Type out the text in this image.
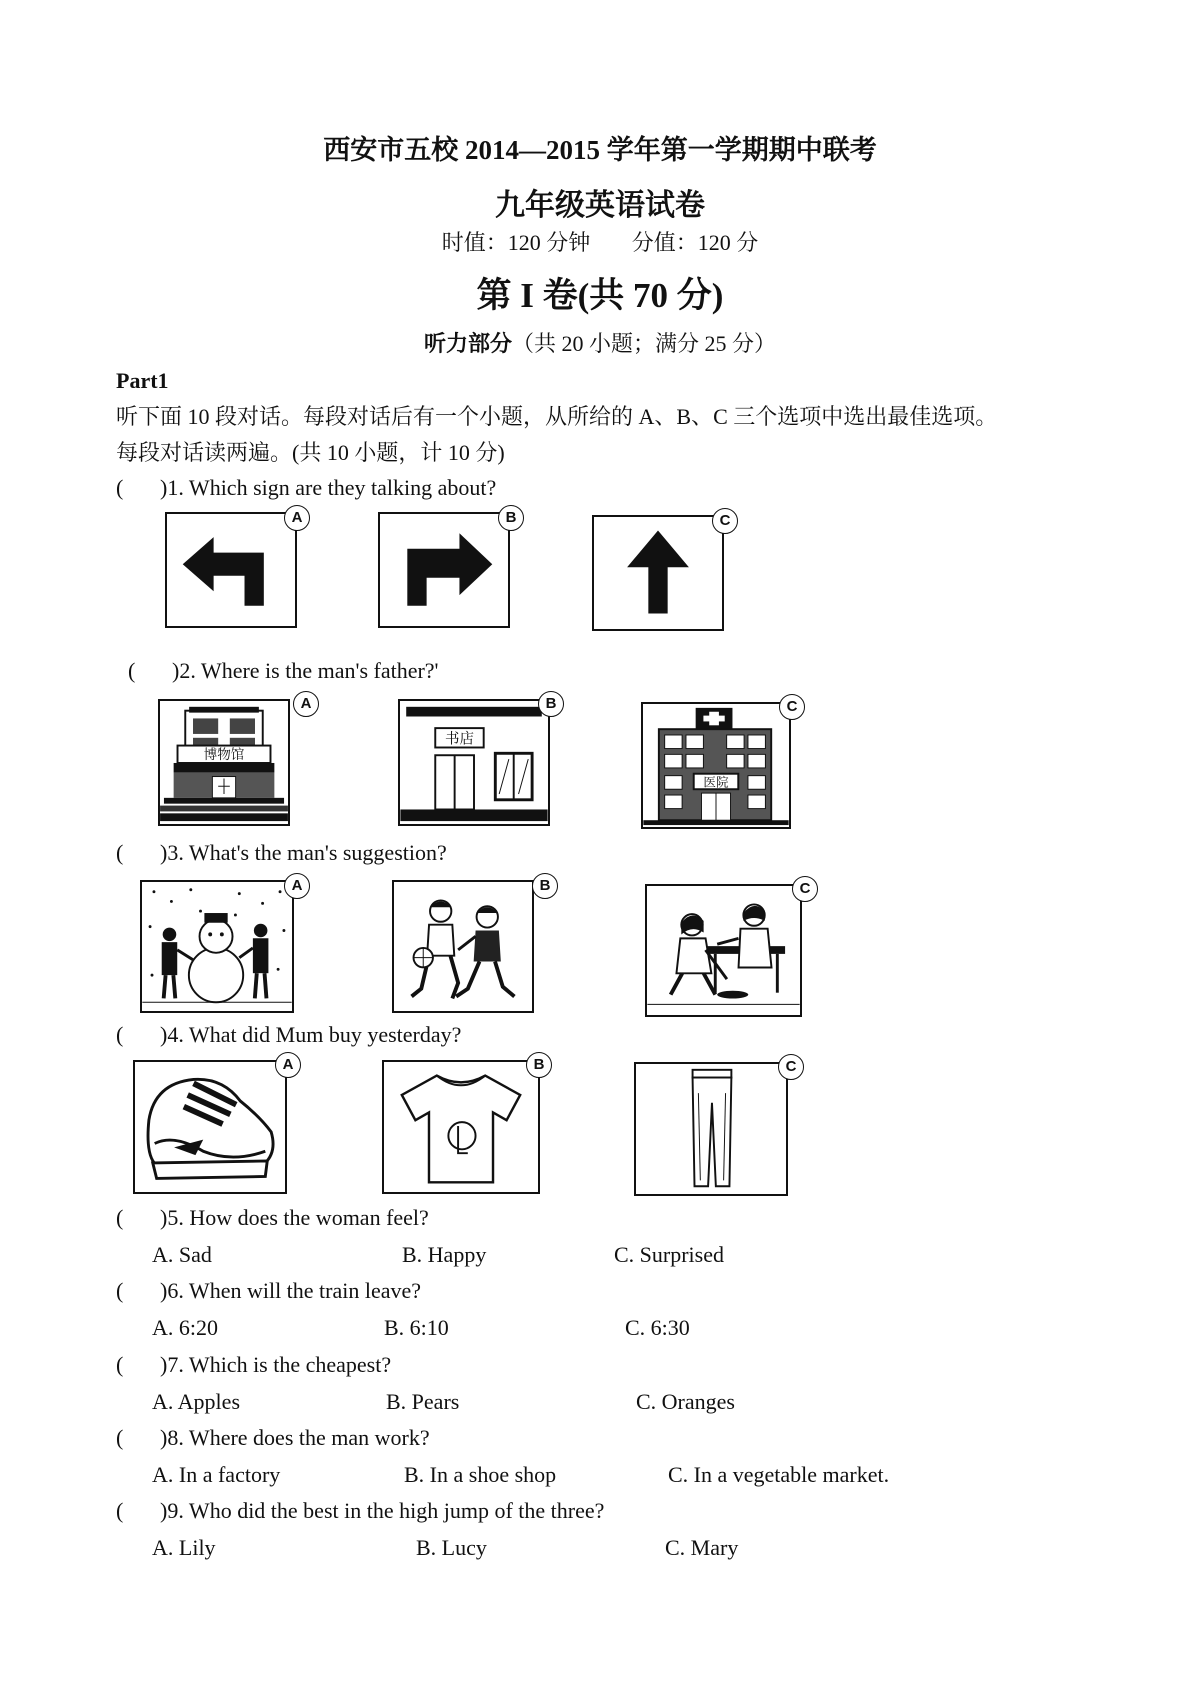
西安市五校 2014—2015 学年第一学期期中联考
九年级英语试卷
时值：120 分钟 分值：120 分
第 I 卷(共 70 分)
听力部分（共 20 小题；满分 25 分）
Part1
听下面 10 段对话。每段对话后有一个小题，从所给的 A、B、C 三个选项中选出最佳选项。
每段对话读两遍。(共 10 小题，计 10 分)
( )1. Which sign are they talking about?
A	B	C
( )2. Where is the man's father?'
博物馆
A
书店
B
医院
C
( )3. What's the man's suggestion?
A	B	C
( )4. What did Mum buy yesterday?
A	B	C
( )5. How does the woman feel?
A. Sad	B. Happy	C. Surprised
( )6. When will the train leave?
A. 6:20	B. 6:10	C. 6:30
( )7. Which is the cheapest?
A. Apples	B. Pears	C. Oranges
( )8. Where does the man work?
A. In a factory	B. In a shoe shop	C. In a vegetable market.
( )9. Who did the best in the high jump of the three?
A. Lily	B. Lucy	C. Mary
